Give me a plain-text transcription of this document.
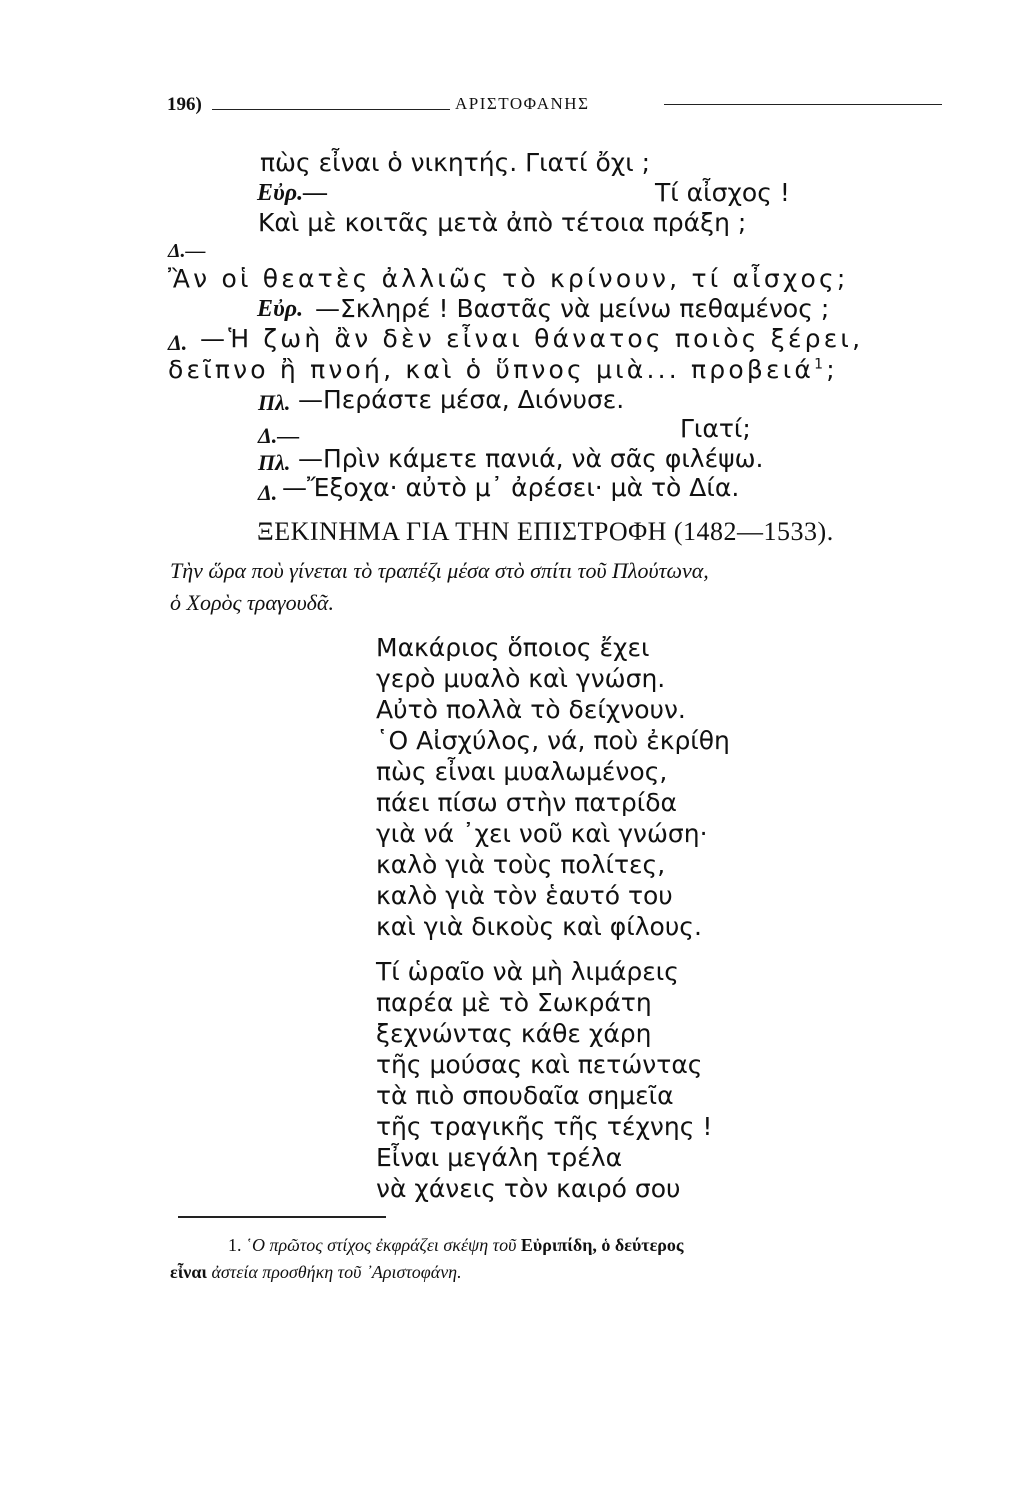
196)	ΑΡΙΣΤΟΦΑΝΗΣ
πὼς εἶναι ὁ νικητής. Γιατί ὄχι ;
Εὐρ.—	Τί αἶσχος !
Καὶ μὲ κοιτᾶς μετὰ ἀπὸ τέτοια πράξη ;
Δ.—
Ἂν οἱ θεατὲς ἀλλιῶς τὸ κρίνουν, τί αἶσχος;
Εὐρ. —Σκληρέ ! Βαστᾶς νὰ μείνω πεθαμένος ;
Δ. —Ἡ ζωὴ ἂν δὲν εἶναι θάνατος ποιὸς ξέρει,
δεῖπνο ἢ πνοή, καὶ ὁ ὕπνος μιὰ... προβειά$^1$;
Πλ. —Περάστε μέσα, Διόνυσε.
Δ.—	Γιατί;
Πλ. —Πρὶν κάμετε πανιά, νὰ σᾶς φιλέψω.
Δ. —Ἔξοχα· αὐτὸ μ᾽ ἀρέσει· μὰ τὸ Δία.
ΞΕΚΙΝΗΜΑ ΓΙΑ ΤΗΝ ΕΠΙΣΤΡΟΦΗ (1482—1533).
Τὴν ὥρα ποὺ γίνεται τὸ τραπέζι μέσα στὸ σπίτι τοῦ Πλούτωνα,
ὁ Χορὸς τραγουδᾶ.
Μακάριος ὅποιος ἔχει
γερὸ μυαλὸ καὶ γνώση.
Αὐτὸ πολλὰ τὸ δείχνουν.
῾Ο Αἰσχύλος, νά, ποὺ ἐκρίθη
πὼς εἶναι μυαλωμένος,
πάει πίσω στὴν πατρίδα
γιὰ νά ᾽χει νοῦ καὶ γνώση·
καλὸ γιὰ τοὺς πολίτες,
καλὸ γιὰ τὸν ἑαυτό του
καὶ γιὰ δικοὺς καὶ φίλους.
Τί ὡραῖο νὰ μὴ λιμάρεις
παρέα μὲ τὸ Σωκράτη
ξεχνώντας κάθε χάρη
τῆς μούσας καὶ πετώντας
τὰ πιὸ σπουδαῖα σημεῖα
τῆς τραγικῆς τῆς τέχνης !
Εἶναι μεγάλη τρέλα
νὰ χάνεις τὸν καιρό σου
1. ῾Ο πρῶτος στίχος ἐκφράζει σκέψη τοῦ Εὐριπίδη, ὁ δεύτερος
εἶναι ἀστεία προσθήκη τοῦ ᾽Αριστοφάνη.
